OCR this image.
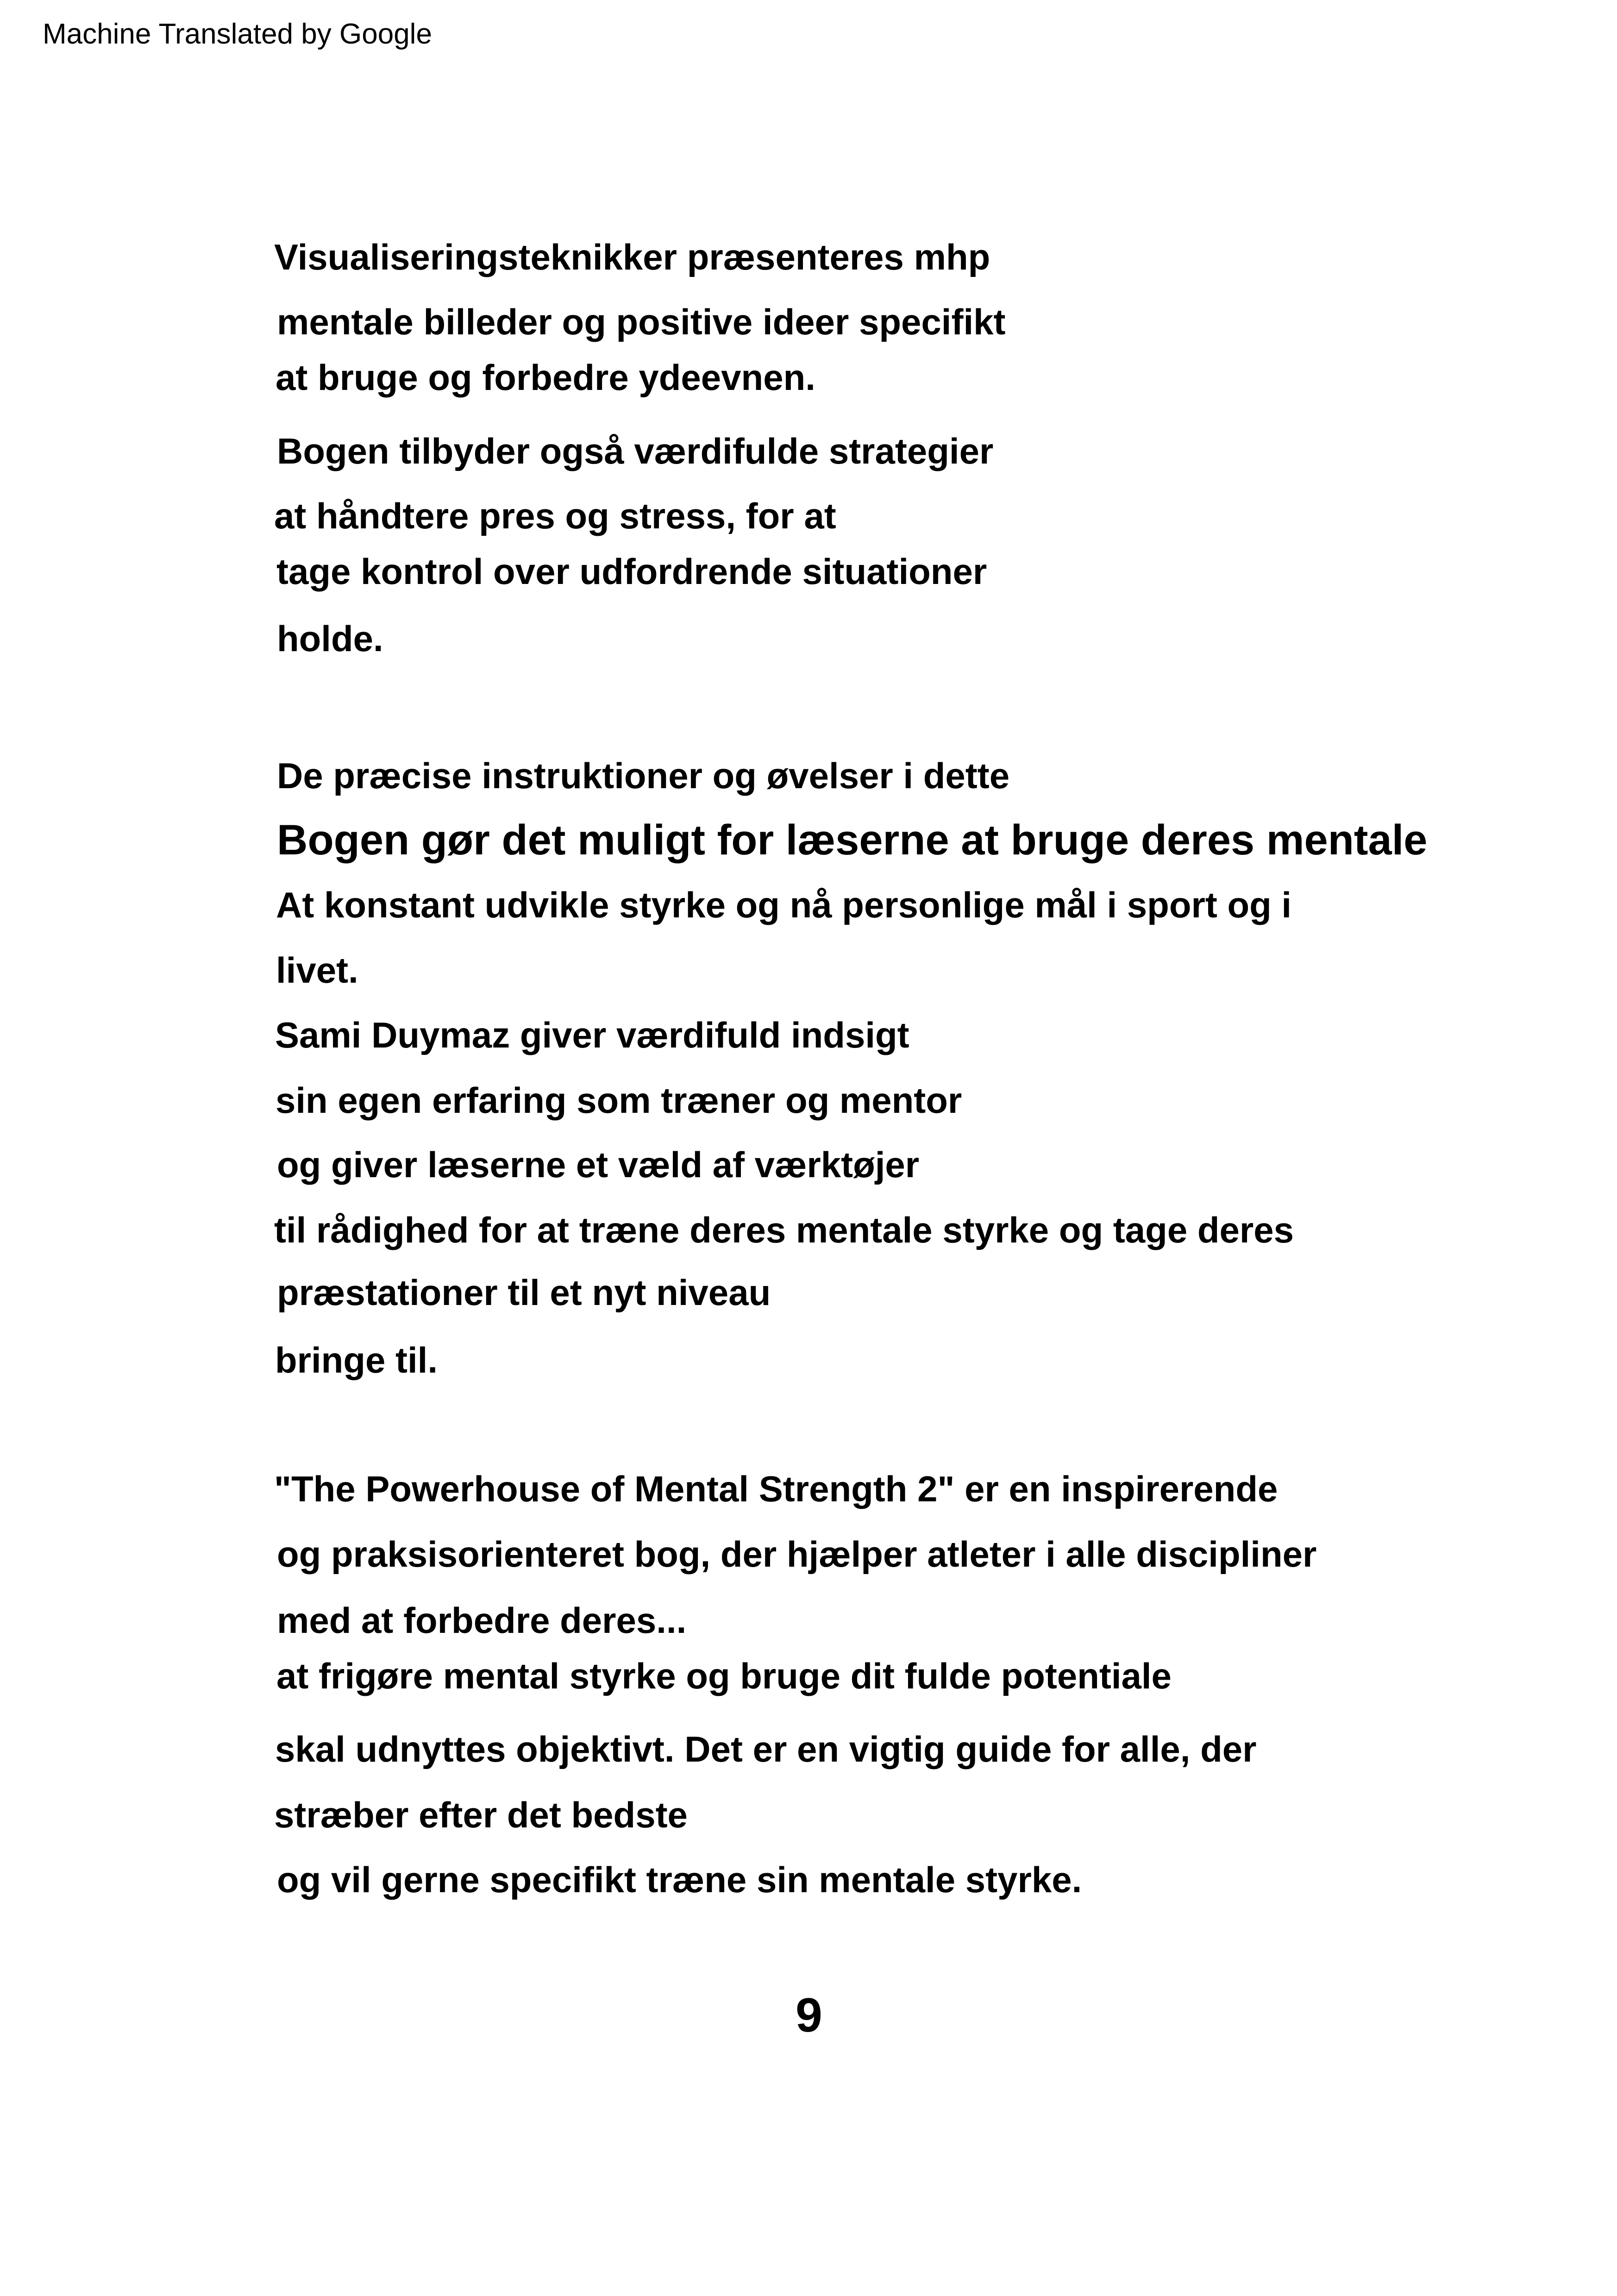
Machine Translated by Google
Visualiseringsteknikker præsenteres mhp
mentale billeder og positive ideer specifikt
at bruge og forbedre ydeevnen.
Bogen tilbyder også værdifulde strategier
at håndtere pres og stress, for at
tage kontrol over udfordrende situationer
holde.
De præcise instruktioner og øvelser i dette
Bogen gør det muligt for læserne at bruge deres mentale
At konstant udvikle styrke og nå personlige mål i sport og i
livet.
Sami Duymaz giver værdifuld indsigt
sin egen erfaring som træner og mentor
og giver læserne et væld af værktøjer
til rådighed for at træne deres mentale styrke og tage deres
præstationer til et nyt niveau
bringe til.
"The Powerhouse of Mental Strength 2" er en inspirerende
og praksisorienteret bog, der hjælper atleter i alle discipliner
med at forbedre deres...
at frigøre mental styrke og bruge dit fulde potentiale
skal udnyttes objektivt. Det er en vigtig guide for alle, der
stræber efter det bedste
og vil gerne specifikt træne sin mentale styrke.
9
